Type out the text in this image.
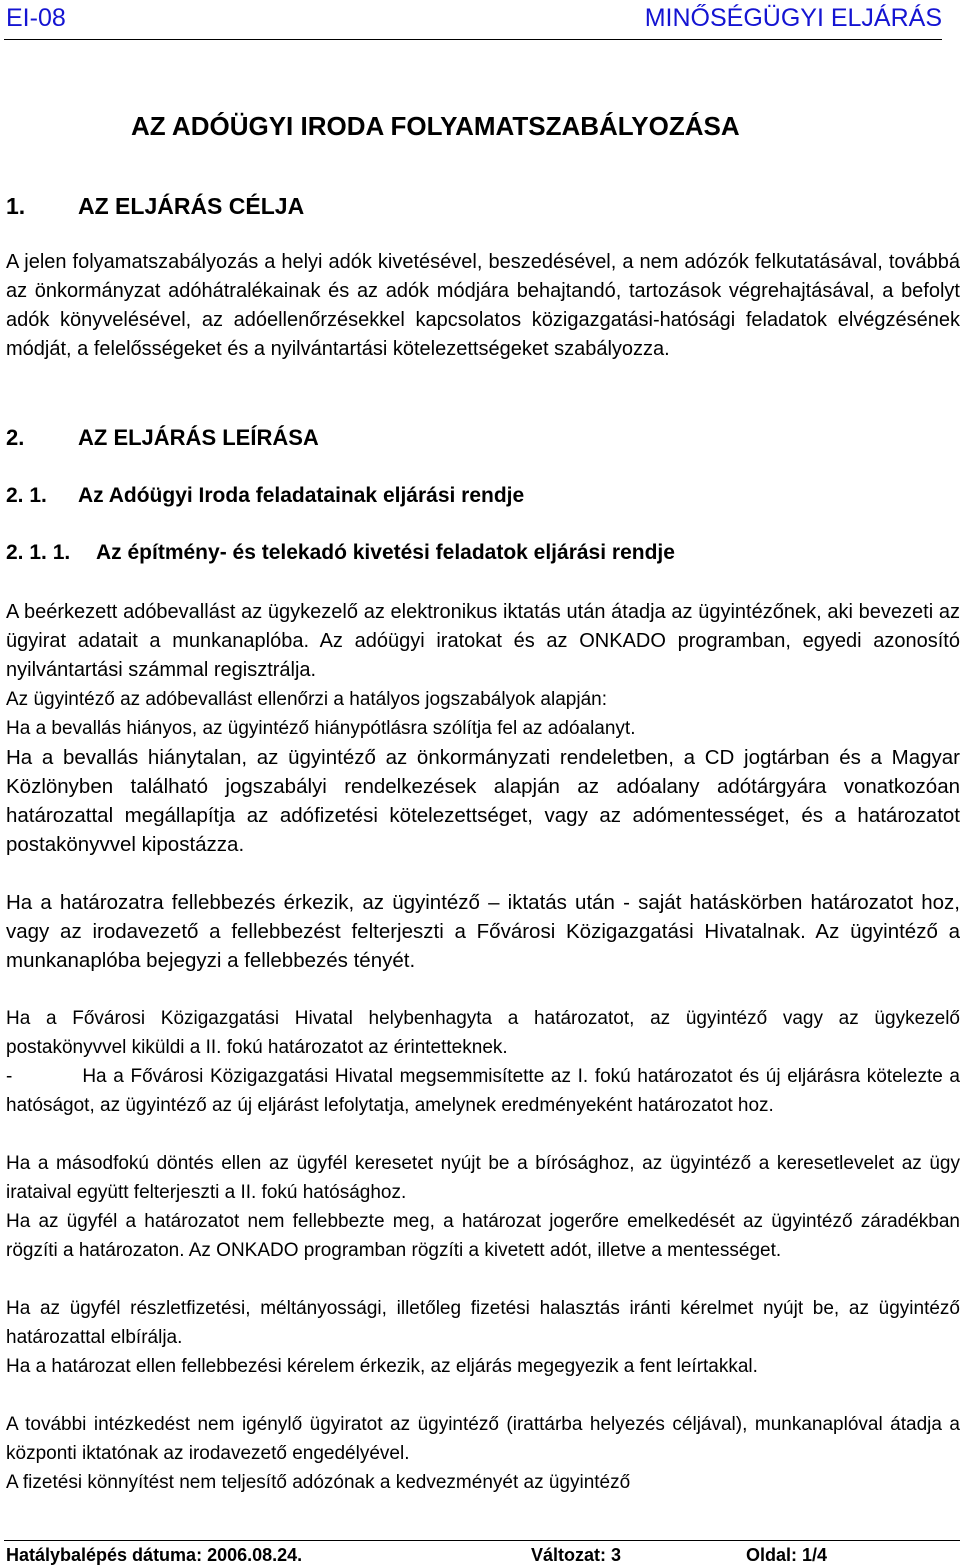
EI-08	MINŐSÉGÜGYI ELJÁRÁS
AZ ADÓÜGYI IRODA FOLYAMATSZABÁLYOZÁSA
1. AZ ELJÁRÁS CÉLJA
A jelen folyamatszabályozás a helyi adók kivetésével, beszedésével, a nem adózók felkutatásával, továbbá az önkormányzat adóhátralékainak és az adók módjára behajtandó, tartozások végrehajtásával, a befolyt adók könyvelésével, az adóellenőrzésekkel kapcsolatos közigazgatási-hatósági feladatok elvégzésének módját, a felelősségeket és a nyilvántartási kötelezettségeket szabályozza.
2. AZ ELJÁRÁS LEÍRÁSA
2. 1. Az Adóügyi Iroda feladatainak eljárási rendje
2. 1. 1. Az építmény- és telekadó kivetési feladatok eljárási rendje
A beérkezett adóbevallást az ügykezelő az elektronikus iktatás után átadja az ügyintézőnek, aki bevezeti az ügyirat adatait a munkanaplóba. Az adóügyi iratokat és az ONKADO programban, egyedi azonosító nyilvántartási számmal regisztrálja.
Az ügyintéző az adóbevallást ellenőrzi a hatályos jogszabályok alapján:
Ha a bevallás hiányos, az ügyintéző hiánypótlásra szólítja fel az adóalanyt.
Ha a bevallás hiánytalan, az ügyintéző az önkormányzati rendeletben, a CD jogtárban és a Magyar Közlönyben található jogszabályi rendelkezések alapján az adóalany adótárgyára vonatkozóan határozattal megállapítja az adófizetési kötelezettséget, vagy az adómentességet, és a határozatot postakönyvvel kipostázza.
Ha a határozatra fellebbezés érkezik, az ügyintéző – iktatás után - saját hatáskörben határozatot hoz, vagy az irodavezető a fellebbezést felterjeszti a Fővárosi Közigazgatási Hivatalnak. Az ügyintéző a munkanaplóba bejegyzi a fellebbezés tényét.
Ha a Fővárosi Közigazgatási Hivatal helybenhagyta a határozatot, az ügyintéző vagy az ügykezelő postakönyvvel kiküldi a II. fokú határozatot az érintetteknek.
-	Ha a Fővárosi Közigazgatási Hivatal megsemmisítette az I. fokú határozatot és új eljárásra kötelezte a hatóságot, az ügyintéző az új eljárást lefolytatja, amelynek eredményeként határozatot hoz.
Ha a másodfokú döntés ellen az ügyfél keresetet nyújt be a bírósághoz, az ügyintéző a keresetlevelet az ügy irataival együtt felterjeszti a II. fokú hatósághoz.
Ha az ügyfél a határozatot nem fellebbezte meg, a határozat jogerőre emelkedését az ügyintéző záradékban rögzíti a határozaton. Az ONKADO programban rögzíti a kivetett adót, illetve a mentességet.
Ha az ügyfél részletfizetési, méltányossági, illetőleg fizetési halasztás iránti kérelmet nyújt be, az ügyintéző határozattal elbírálja.
Ha a határozat ellen fellebbezési kérelem érkezik, az eljárás megegyezik a fent leírtakkal.
A további intézkedést nem igénylő ügyiratot az ügyintéző (irattárba helyezés céljával), munkanaplóval átadja a központi iktatónak az irodavezető engedélyével.
A fizetési könnyítést nem teljesítő adózónak a kedvezményét az ügyintéző
Hatálybalépés dátuma: 2006.08.24.	Változat: 3	Oldal: 1/4
